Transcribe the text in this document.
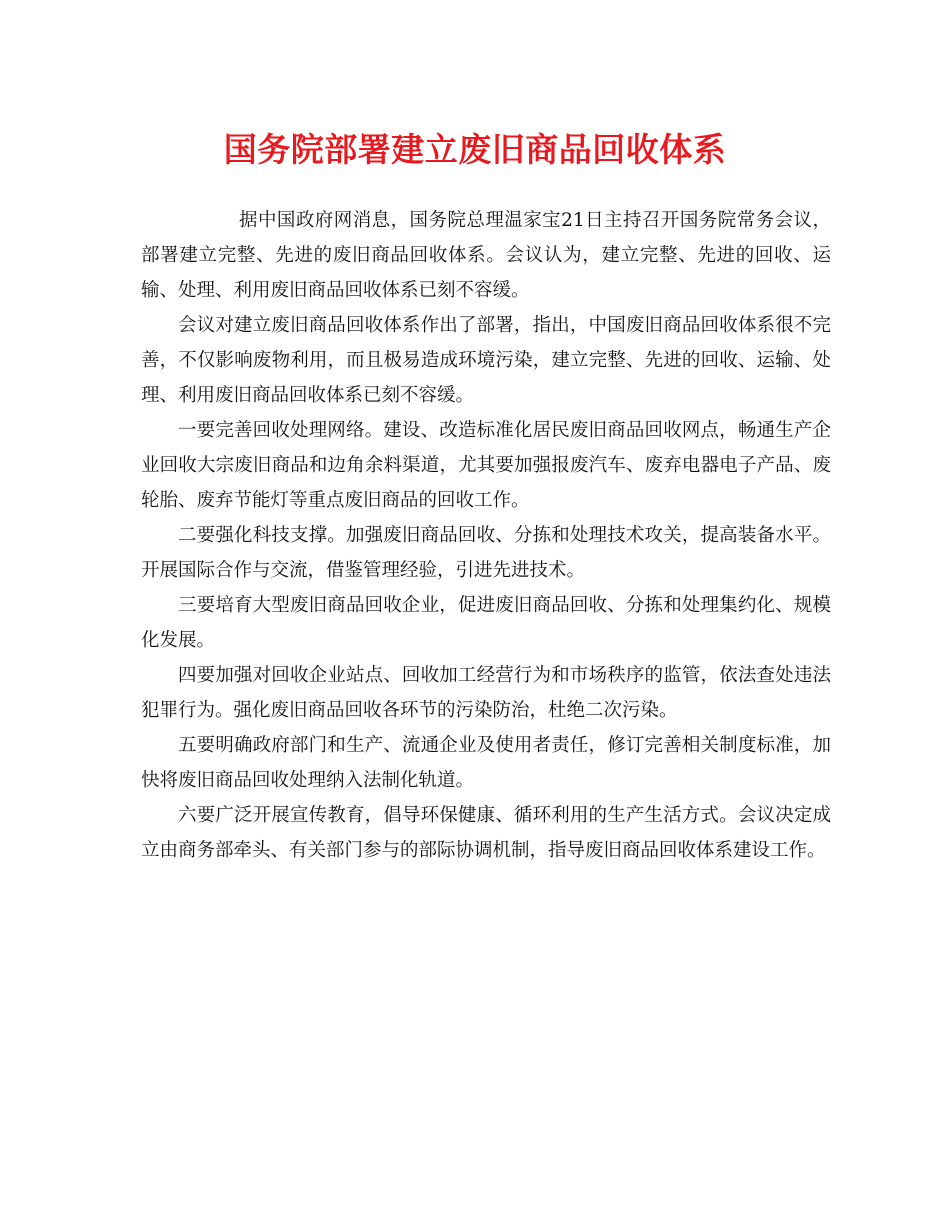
国务院部署建立废旧商品回收体系

据中国政府网消息，国务院总理温家宝21日主持召开国务院常务会议，部署建立完整、先进的废旧商品回收体系。会议认为，建立完整、先进的回收、运输、处理、利用废旧商品回收体系已刻不容缓。

会议对建立废旧商品回收体系作出了部署，指出，中国废旧商品回收体系很不完善，不仅影响废物利用，而且极易造成环境污染，建立完整、先进的回收、运输、处理、利用废旧商品回收体系已刻不容缓。

一要完善回收处理网络。建设、改造标准化居民废旧商品回收网点，畅通生产企业回收大宗废旧商品和边角余料渠道，尤其要加强报废汽车、废弃电器电子产品、废轮胎、废弃节能灯等重点废旧商品的回收工作。

二要强化科技支撑。加强废旧商品回收、分拣和处理技术攻关，提高装备水平。开展国际合作与交流，借鉴管理经验，引进先进技术。

三要培育大型废旧商品回收企业，促进废旧商品回收、分拣和处理集约化、规模化发展。

四要加强对回收企业站点、回收加工经营行为和市场秩序的监管，依法查处违法犯罪行为。强化废旧商品回收各环节的污染防治，杜绝二次污染。

五要明确政府部门和生产、流通企业及使用者责任，修订完善相关制度标准，加快将废旧商品回收处理纳入法制化轨道。

六要广泛开展宣传教育，倡导环保健康、循环利用的生产生活方式。会议决定成立由商务部牵头、有关部门参与的部际协调机制，指导废旧商品回收体系建设工作。
